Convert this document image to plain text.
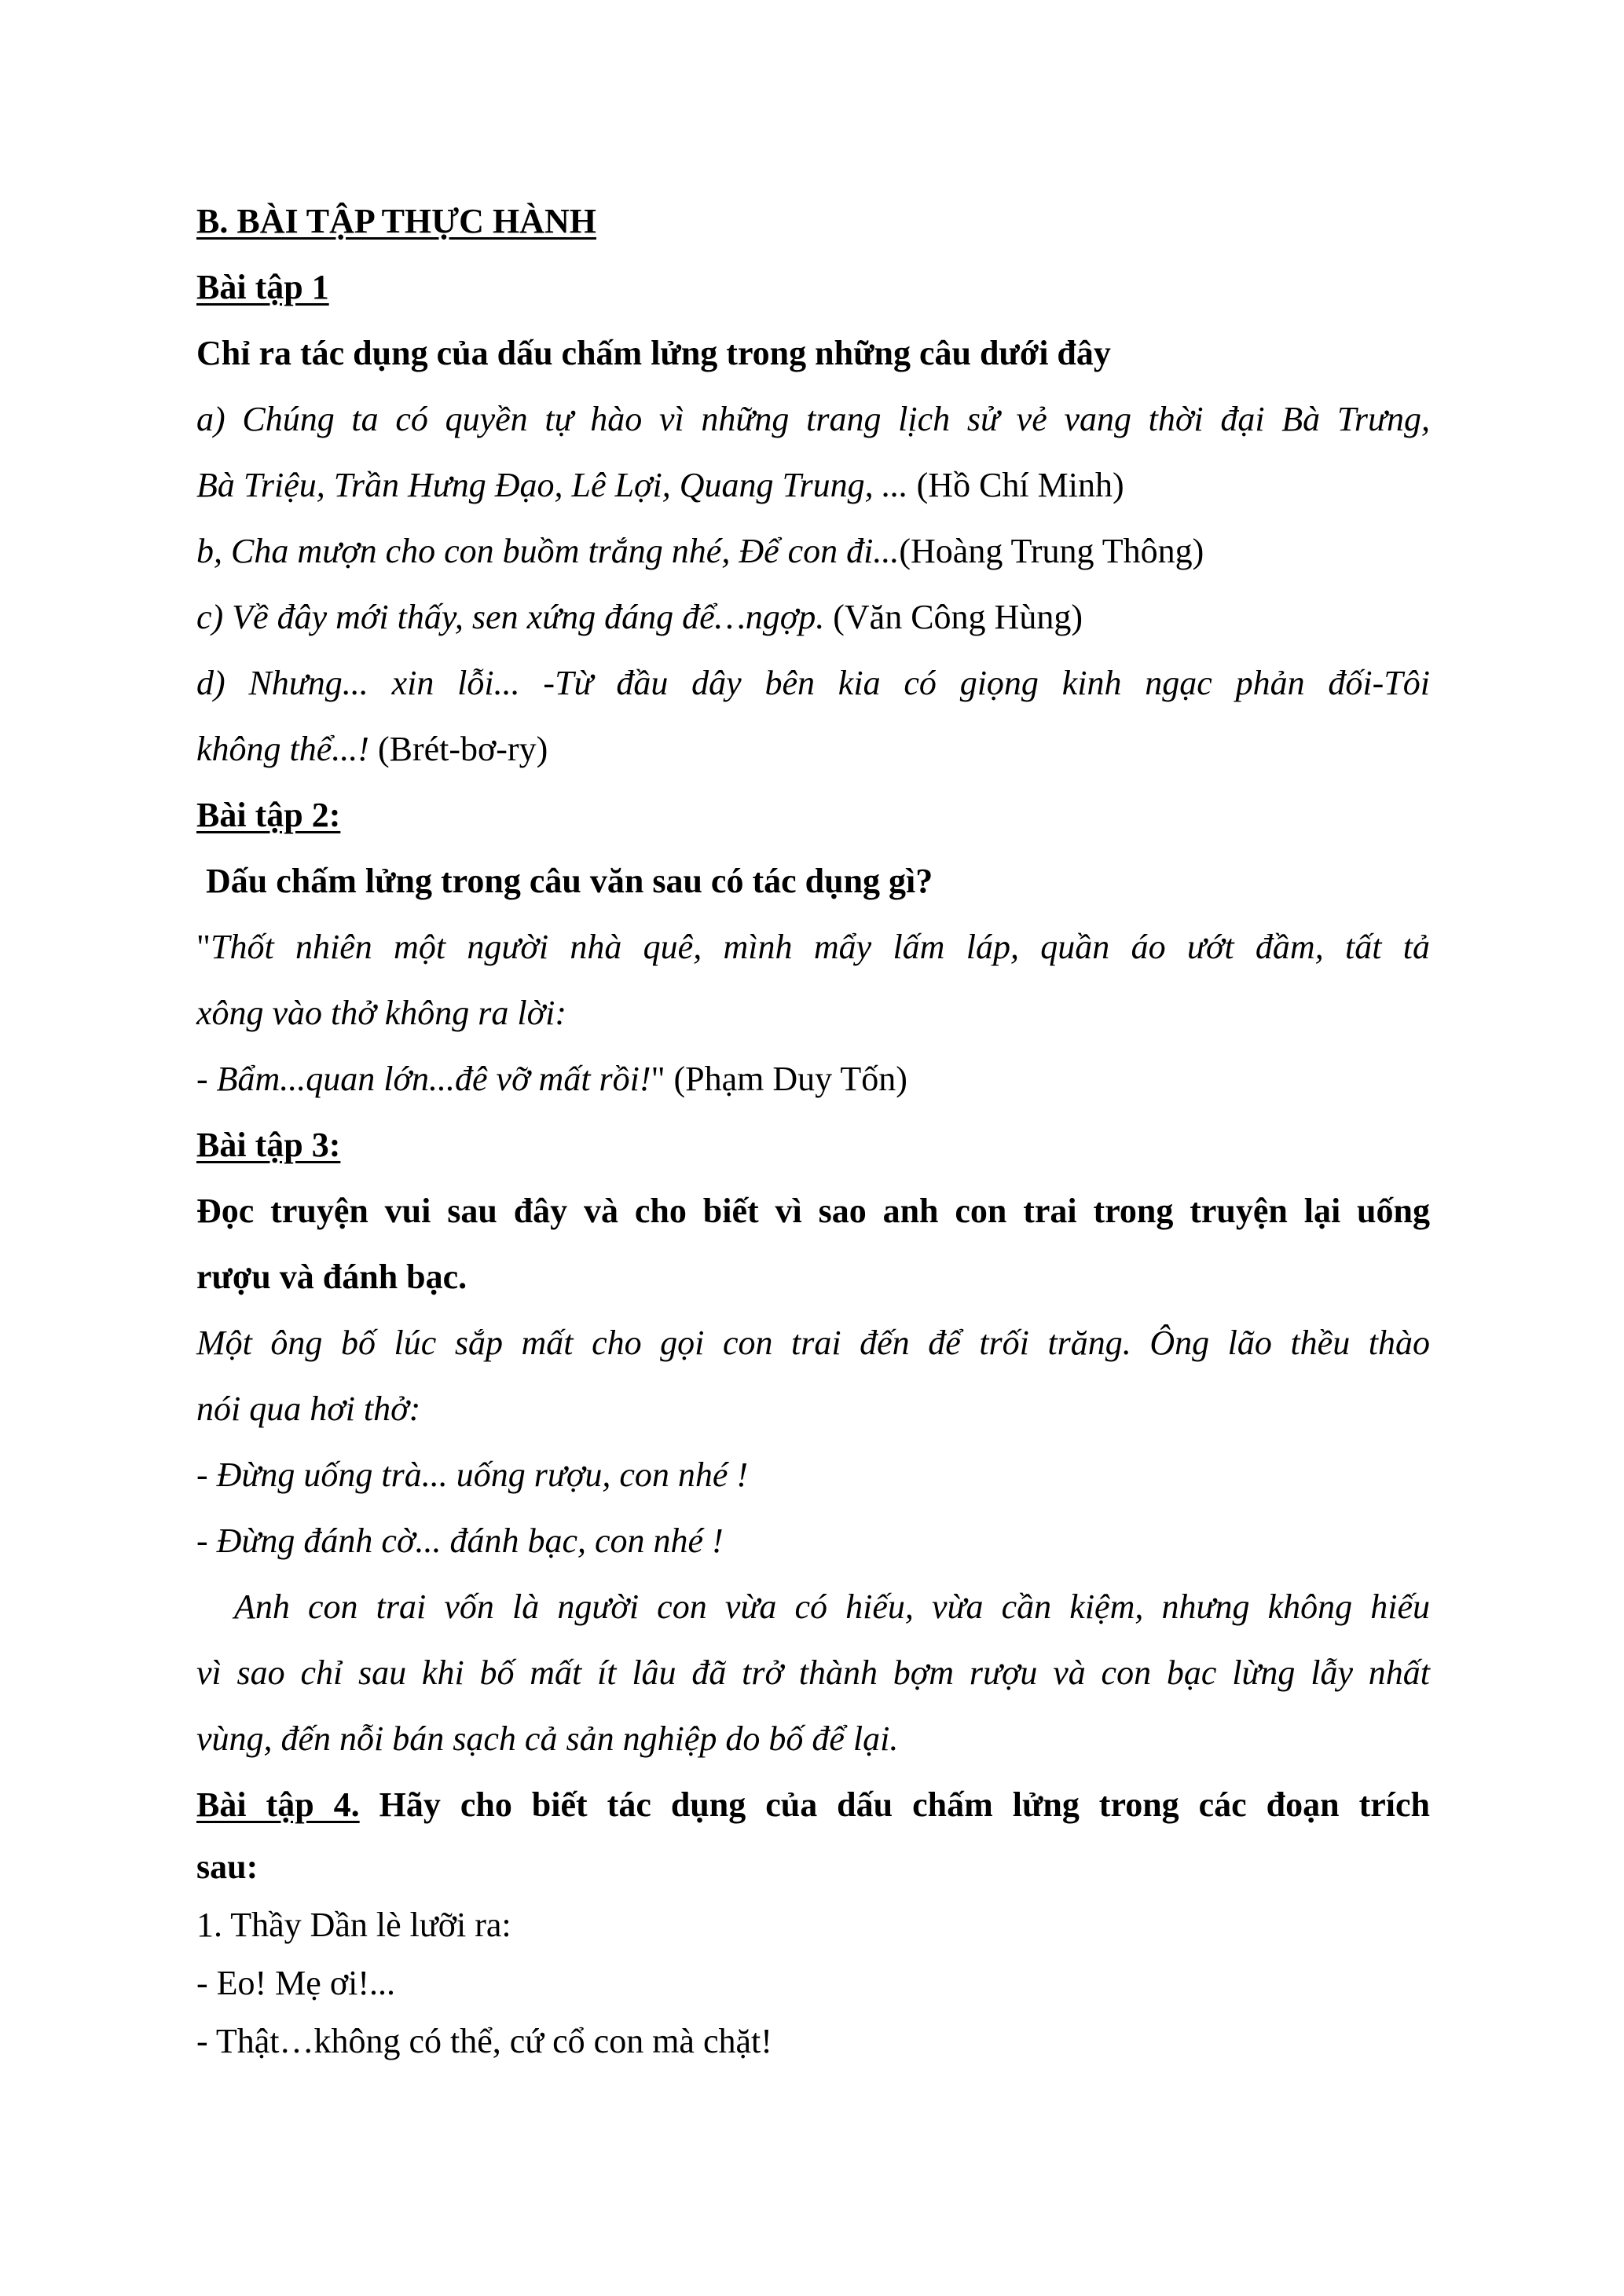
B. BÀI TẬP THỰC HÀNH
Bài tập 1
Chỉ ra tác dụng của dấu chấm lửng trong những câu dưới đây
a) Chúng ta có quyền tự hào vì những trang lịch sử vẻ vang thời đại Bà Trưng,
Bà Triệu, Trần Hưng Đạo, Lê Lợi, Quang Trung, ... (Hồ Chí Minh)
b, Cha mượn cho con buồm trắng nhé, Để con đi...(Hoàng Trung Thông)
c) Về đây mới thấy, sen xứng đáng để…ngợp. (Văn Công Hùng)
d) Nhưng... xin lỗi... -Từ đầu dây bên kia có giọng kinh ngạc phản đối-Tôi
không thể...! (Brét-bơ-ry)
Bài tập 2:
Dấu chấm lửng trong câu văn sau có tác dụng gì?
"Thốt nhiên một người nhà quê, mình mẩy lấm láp, quần áo ướt đầm, tất tả
xông vào thở không ra lời:
- Bẩm...quan lớn...đê vỡ mất rồi!" (Phạm Duy Tốn)
Bài tập 3:
Đọc truyện vui sau đây và cho biết vì sao anh con trai trong truyện lại uống
rượu và đánh bạc.
Một ông bố lúc sắp mất cho gọi con trai đến để trối trăng. Ông lão thều thào
nói qua hơi thở:
- Đừng uống trà... uống rượu, con nhé !
- Đừng đánh cờ... đánh bạc, con nhé !
Anh con trai vốn là người con vừa có hiếu, vừa cần kiệm, nhưng không hiếu
vì sao chỉ sau khi bố mất ít lâu đã trở thành bợm rượu và con bạc lừng lẫy nhất
vùng, đến nỗi bán sạch cả sản nghiệp do bố để lại.
Bài tập 4. Hãy cho biết tác dụng của dấu chấm lửng trong các đoạn trích
sau:
1. Thầy Dần lè lưỡi ra:
- Eo! Mẹ ơi!...
- Thật…không có thể, cứ cổ con mà chặt!
